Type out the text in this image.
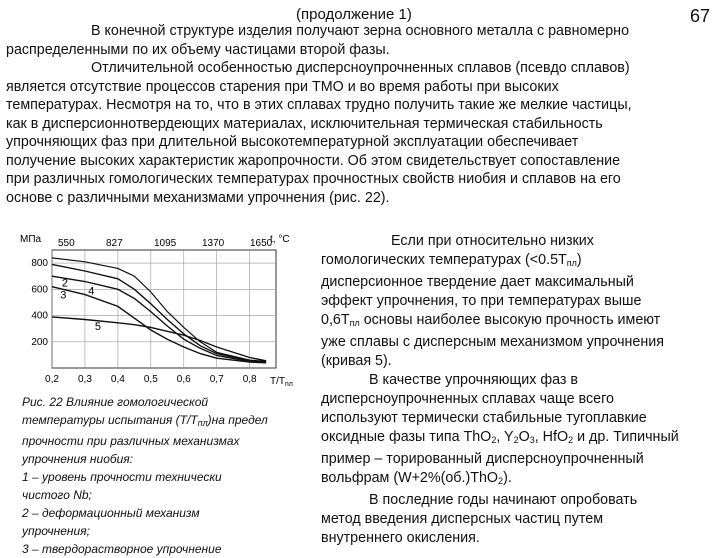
(продолжение 1)	67
В конечной структуре изделия получают зерна основного металла с равномерно
распределенными по их объему частицами второй фазы.
Отличительной особенностью дисперсноупрочненных сплавов (псевдо сплавов)
является отсутствие процессов старения при ТМО и во время работы при высоких
температурах. Несмотря на то, что в этих сплавах трудно получить такие же мелкие частицы,
как в дисперсионнотвердеющих материалах, исключительная термическая стабильность
упрочняющих фаз при длительной высокотемпературной эксплуатации обеспечивает
получение высоких характеристик жаропрочности. Об этом свидетельствует сопоставление
при различных гомологических температурах прочностных свойств ниобия и сплавов на его
основе с различными механизмами упрочнения (рис. 22).
МПа	t, °C
$T/T_{пл}$
800
600
400
200
0,2 0,3 0,4 0,5 0,6 0,7 0,8
550	827	1095	1370	1650
2
3 4
5
Рис. 22 Влияние гомологической
температуры испытания $(Т/Т_{пл})на$ предел
прочности при различных механизмах
упрочнения ниобия:
1 – уровень прочности технически
чистого Nb;
2 – деформационный механизм
упрочнения;
3 – твердорастворное упрочнение
Если при относительно низких
гомологических температурах $(<0.5Т_{пл})$
дисперсионное твердение дает максимальный
эффект упрочнения, то при температурах выше
$0,6Т_{пл}$ основы наиболее высокую прочность имеют
уже сплавы с дисперсным механизмом упрочнения
(кривая 5).
В качестве упрочняющих фаз в
дисперсноупрочненных сплавах чаще всего
используют термически стабильные тугоплавкие
оксидные фазы типа ThO$_2$, $Y_2O_3$, HfO$_2$ и др. Типичный
пример – торированный дисперсноупрочненный
вольфрам (W+2%(об.)ThO$_2$).
В последние годы начинают опробовать
метод введения дисперсных частиц путем
внутреннего окисления.
